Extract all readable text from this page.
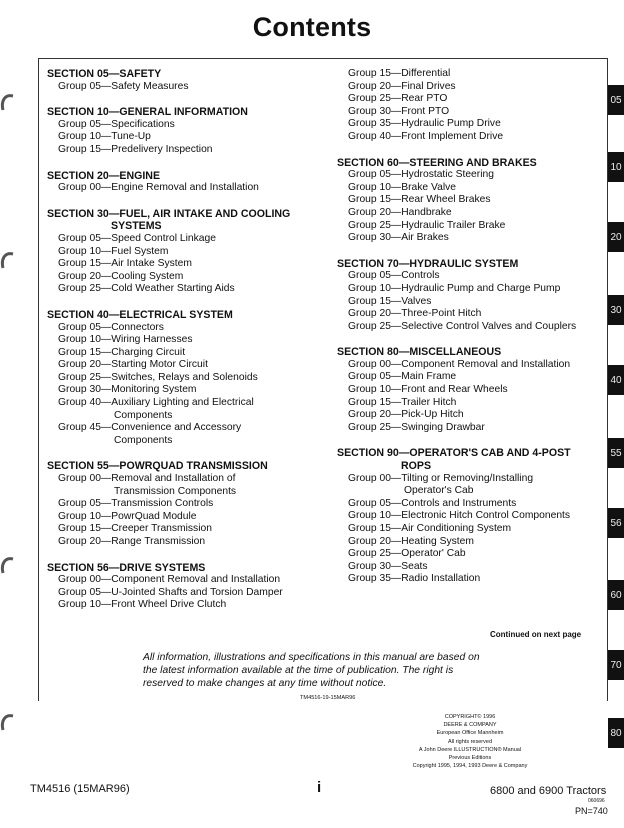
Contents
SECTION 05—SAFETY
Group 05—Safety Measures
SECTION 10—GENERAL INFORMATION
Group 05—Specifications
Group 10—Tune-Up
Group 15—Predelivery Inspection
SECTION 20—ENGINE
Group 00—Engine Removal and Installation
SECTION 30—FUEL, AIR INTAKE AND COOLING
SYSTEMS
Group 05—Speed Control Linkage
Group 10—Fuel System
Group 15—Air Intake System
Group 20—Cooling System
Group 25—Cold Weather Starting Aids
SECTION 40—ELECTRICAL SYSTEM
Group 05—Connectors
Group 10—Wiring Harnesses
Group 15—Charging Circuit
Group 20—Starting Motor Circuit
Group 25—Switches, Relays and Solenoids
Group 30—Monitoring System
Group 40—Auxiliary Lighting and Electrical
Components
Group 45—Convenience and Accessory
Components
SECTION 55—POWRQUAD TRANSMISSION
Group 00—Removal and Installation of
Transmission Components
Group 05—Transmission Controls
Group 10—PowrQuad Module
Group 15—Creeper Transmission
Group 20—Range Transmission
SECTION 56—DRIVE SYSTEMS
Group 00—Component Removal and Installation
Group 05—U-Jointed Shafts and Torsion Damper
Group 10—Front Wheel Drive Clutch
Group 15—Differential
Group 20—Final Drives
Group 25—Rear PTO
Group 30—Front PTO
Group 35—Hydraulic Pump Drive
Group 40—Front Implement Drive
SECTION 60—STEERING AND BRAKES
Group 05—Hydrostatic Steering
Group 10—Brake Valve
Group 15—Rear Wheel Brakes
Group 20—Handbrake
Group 25—Hydraulic Trailer Brake
Group 30—Air Brakes
SECTION 70—HYDRAULIC SYSTEM
Group 05—Controls
Group 10—Hydraulic Pump and Charge Pump
Group 15—Valves
Group 20—Three-Point Hitch
Group 25—Selective Control Valves and Couplers
SECTION 80—MISCELLANEOUS
Group 00—Component Removal and Installation
Group 05—Main Frame
Group 10—Front and Rear Wheels
Group 15—Trailer Hitch
Group 20—Pick-Up Hitch
Group 25—Swinging Drawbar
SECTION 90—OPERATOR'S CAB AND 4-POST
ROPS
Group 00—Tilting or Removing/Installing
Operator's Cab
Group 05—Controls and Instruments
Group 10—Electronic Hitch Control Components
Group 15—Air Conditioning System
Group 20—Heating System
Group 25—Operator' Cab
Group 30—Seats
Group 35—Radio Installation
Continued on next page
All information, illustrations and specifications in this manual are based on
the latest information available at the time of publication. The right is
reserved to make changes at any time without notice.
TM4516-19-15MAR96
COPYRIGHT© 1996
DEERE & COMPANY
European Office Mannheim
All rights reserved
A John Deere ILLUSTRUCTION® Manual
Previous Editions
Copyright 1995, 1994, 1993 Deere & Company
05
10
20
30
40
55
56
60
70
80
TM4516 (15MAR96)	i	6800 and 6900 Tractors
060696
PN=740
